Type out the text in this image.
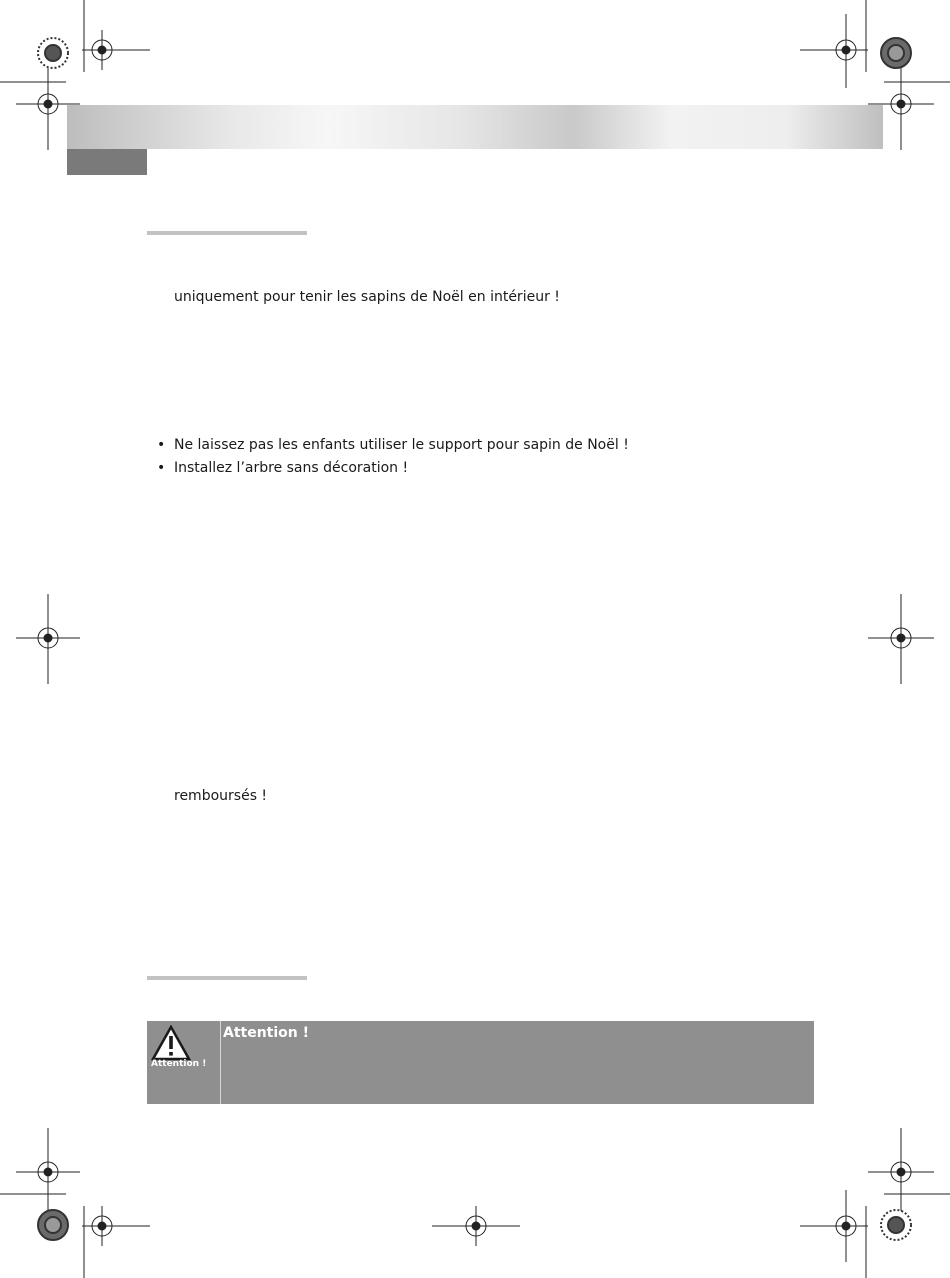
uniquement pour tenir les sapins de Noël en intérieur !
• Ne laissez pas les enfants utiliser le support pour sapin de Noël !
• Installez l’arbre sans décoration !
remboursés !
Attention !
Attention !
